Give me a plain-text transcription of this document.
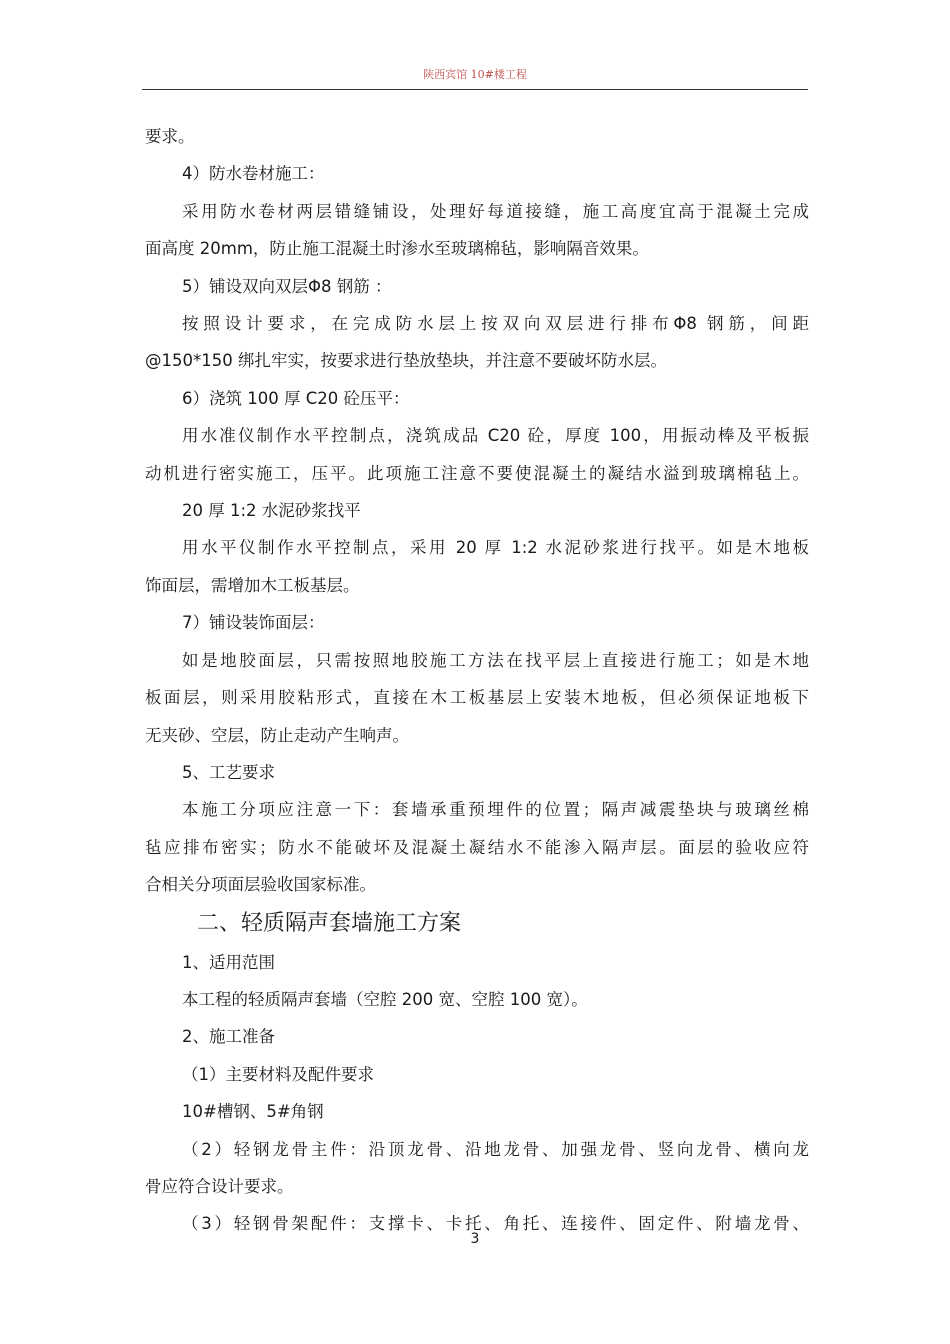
陕西宾馆 10#楼工程

要求。

4）防水卷材施工：

采用防水卷材两层错缝铺设，处理好每道接缝，施工高度宜高于混凝土完成

面高度 20mm，防止施工混凝土时渗水至玻璃棉毡，影响隔音效果。

5）铺设双向双层Φ8 钢筋 ：

按照设计要求，在完成防水层上按双向双层进行排布Φ8 钢筋，间距

@150*150 绑扎牢实，按要求进行垫放垫块，并注意不要破坏防水层。

6）浇筑 100 厚 C20 砼压平：

用水准仪制作水平控制点，浇筑成品 C20 砼，厚度 100，用振动棒及平板振

动机进行密实施工，压平。此项施工注意不要使混凝土的凝结水溢到玻璃棉毡上。

20 厚 1:2 水泥砂浆找平

用水平仪制作水平控制点，采用 20 厚 1:2 水泥砂浆进行找平。如是木地板

饰面层，需增加木工板基层。

7）铺设装饰面层：

如是地胶面层，只需按照地胶施工方法在找平层上直接进行施工；如是木地

板面层，则采用胶粘形式，直接在木工板基层上安装木地板，但必须保证地板下

无夹砂、空层，防止走动产生响声。

5、工艺要求

本施工分项应注意一下：套墙承重预埋件的位置；隔声减震垫块与玻璃丝棉

毡应排布密实；防水不能破坏及混凝土凝结水不能渗入隔声层。面层的验收应符

合相关分项面层验收国家标准。

二、轻质隔声套墙施工方案

1、适用范围

本工程的轻质隔声套墙（空腔 200 宽、空腔 100 宽）。

2、施工准备

（1）主要材料及配件要求

10#槽钢、5#角钢

（2）轻钢龙骨主件：沿顶龙骨、沿地龙骨、加强龙骨、竖向龙骨、横向龙

骨应符合设计要求。

（3）轻钢骨架配件：支撑卡、卡托、角托、连接件、固定件、附墙龙骨、

3
